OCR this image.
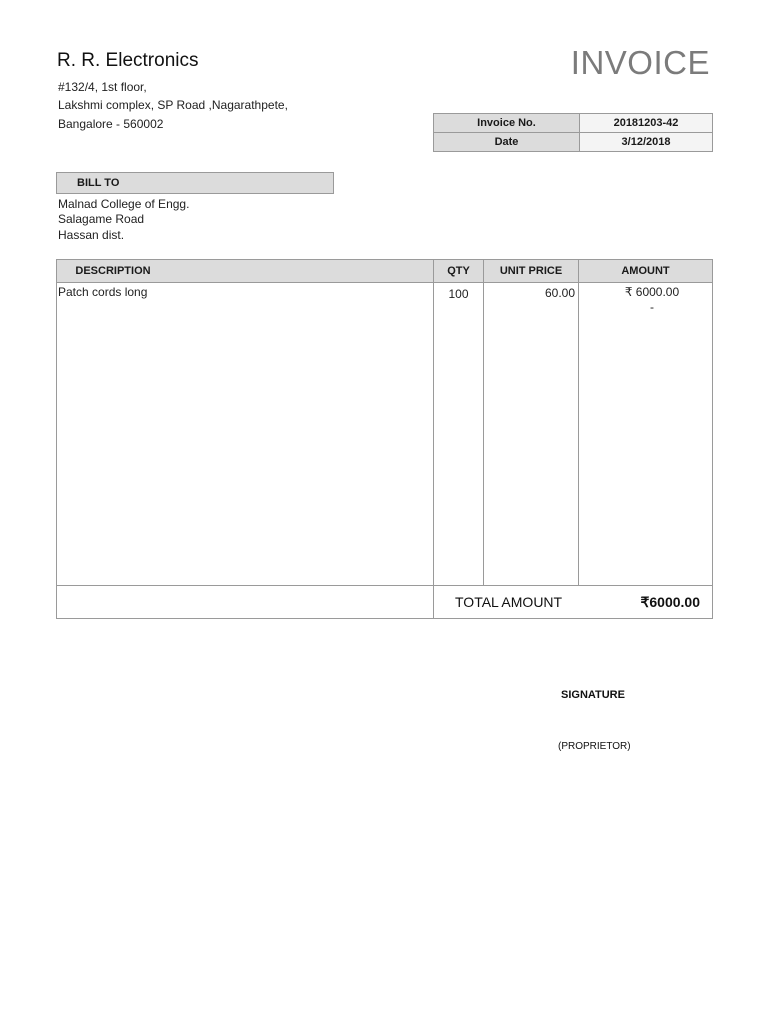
R. R. Electronics
#132/4, 1st floor,
Lakshmi complex, SP Road ,Nagarathpete,
Bangalore - 560002
INVOICE
Invoice No.	20181203-42
Date	3/12/2018
BILL TO
Malnad College of Engg.
Salagame Road
Hassan dist.
DESCRIPTION	QTY	UNIT PRICE	AMOUNT
Patch cords long	100	60.00	₹ 6000.00
-
TOTAL AMOUNT	₹6000.00
SIGNATURE
(PROPRIETOR)
